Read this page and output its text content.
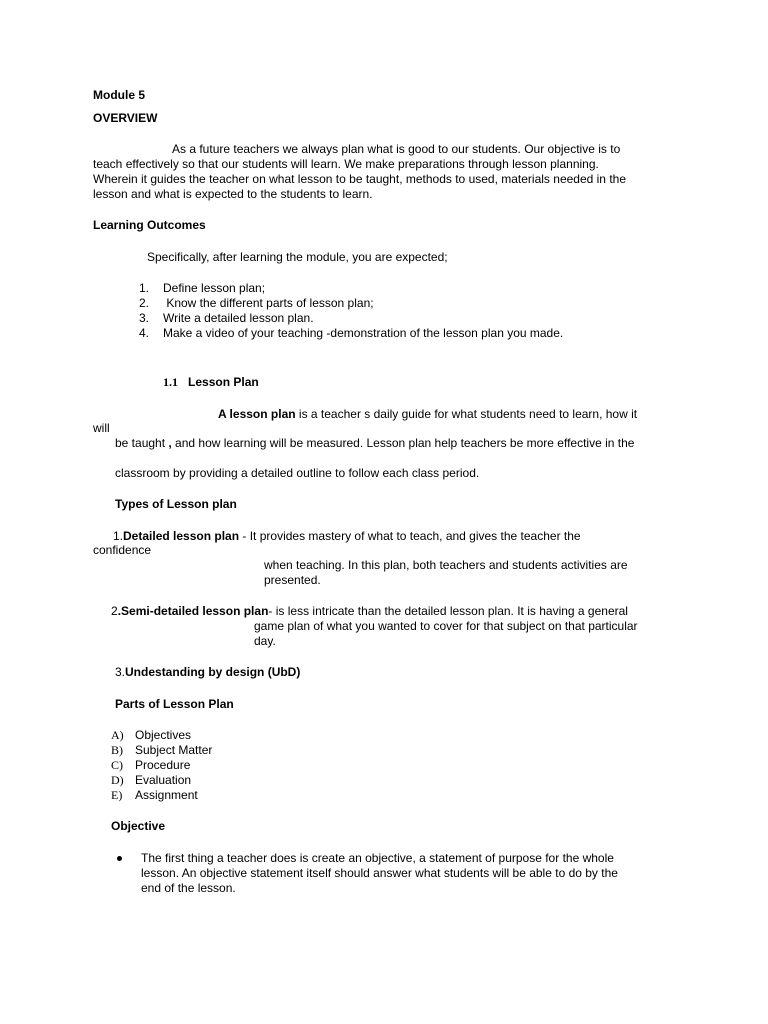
Module 5
OVERVIEW
As a future teachers we always plan what is good to our students. Our objective is to
teach effectively so that our students will learn. We make preparations through lesson planning.
Wherein it guides the teacher on what lesson to be taught, methods to used, materials needed in the
lesson and what is expected to the students to learn.
Learning Outcomes
Specifically, after learning the module, you are expected;
1. Define lesson plan;
2. Know the different parts of lesson plan;
3. Write a detailed lesson plan.
4. Make a video of your teaching -demonstration of the lesson plan you made.
1.1 Lesson Plan
A lesson plan is a teacher s daily guide for what students need to learn, how it
will
be taught , and how learning will be measured. Lesson plan help teachers be more effective in the
classroom by providing a detailed outline to follow each class period.
Types of Lesson plan
1.Detailed lesson plan - It provides mastery of what to teach, and gives the teacher the
confidence
when teaching. In this plan, both teachers and students activities are
presented.
2.Semi-detailed lesson plan- is less intricate than the detailed lesson plan. It is having a general
game plan of what you wanted to cover for that subject on that particular
day.
3.Undestanding by design (UbD)
Parts of Lesson Plan
A) Objectives
B) Subject Matter
C) Procedure
D) Evaluation
E) Assignment
Objective
The first thing a teacher does is create an objective, a statement of purpose for the whole
lesson. An objective statement itself should answer what students will be able to do by the
end of the lesson.
